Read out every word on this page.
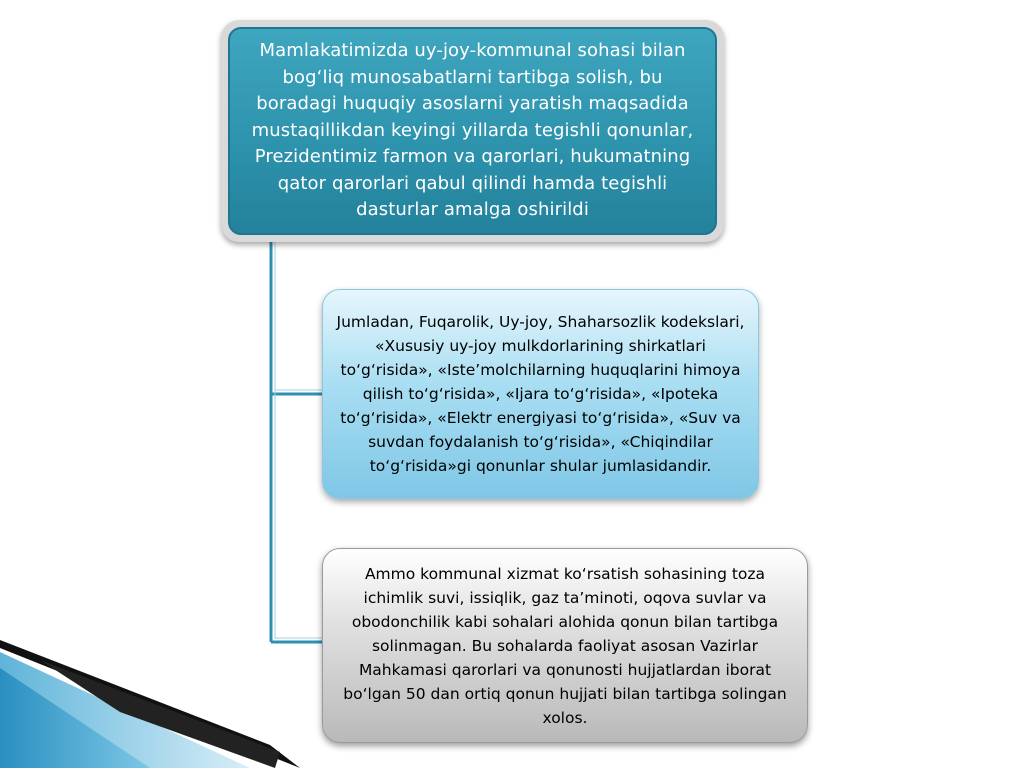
Mamlakatimizda uy-joy-kommunal sohasi bilan bog‘liq munosabatlarni tartibga solish, bu boradagi huquqiy asoslarni yaratish maqsadida mustaqillikdan keyingi yillarda tegishli qonunlar, Prezidentimiz farmon va qarorlari, hukumatning qator qarorlari qabul qilindi hamda tegishli dasturlar amalga oshirildi
Jumladan, Fuqarolik, Uy-joy, Shaharsozlik kodekslari, «Xususiy uy-joy mulkdorlarining shirkatlari to‘g‘risida», «Iste’molchilarning huquqlarini himoya qilish to‘g‘risida», «Ijara to‘g‘risida», «Ipoteka to‘g‘risida», «Elektr energiyasi to‘g‘risida», «Suv va suvdan foydalanish to‘g‘risida», «Chiqindilar to‘g‘risida»gi qonunlar shular jumlasidandir.
Ammo kommunal xizmat ko‘rsatish sohasining toza ichimlik suvi, issiqlik, gaz ta’minoti, oqova suvlar va obodonchilik kabi sohalari alohida qonun bilan tartibga solinmagan. Bu sohalarda faoliyat asosan Vazirlar Mahkamasi qarorlari va qonunosti hujjatlardan iborat bo‘lgan 50 dan ortiq qonun hujjati bilan tartibga solingan xolos.
